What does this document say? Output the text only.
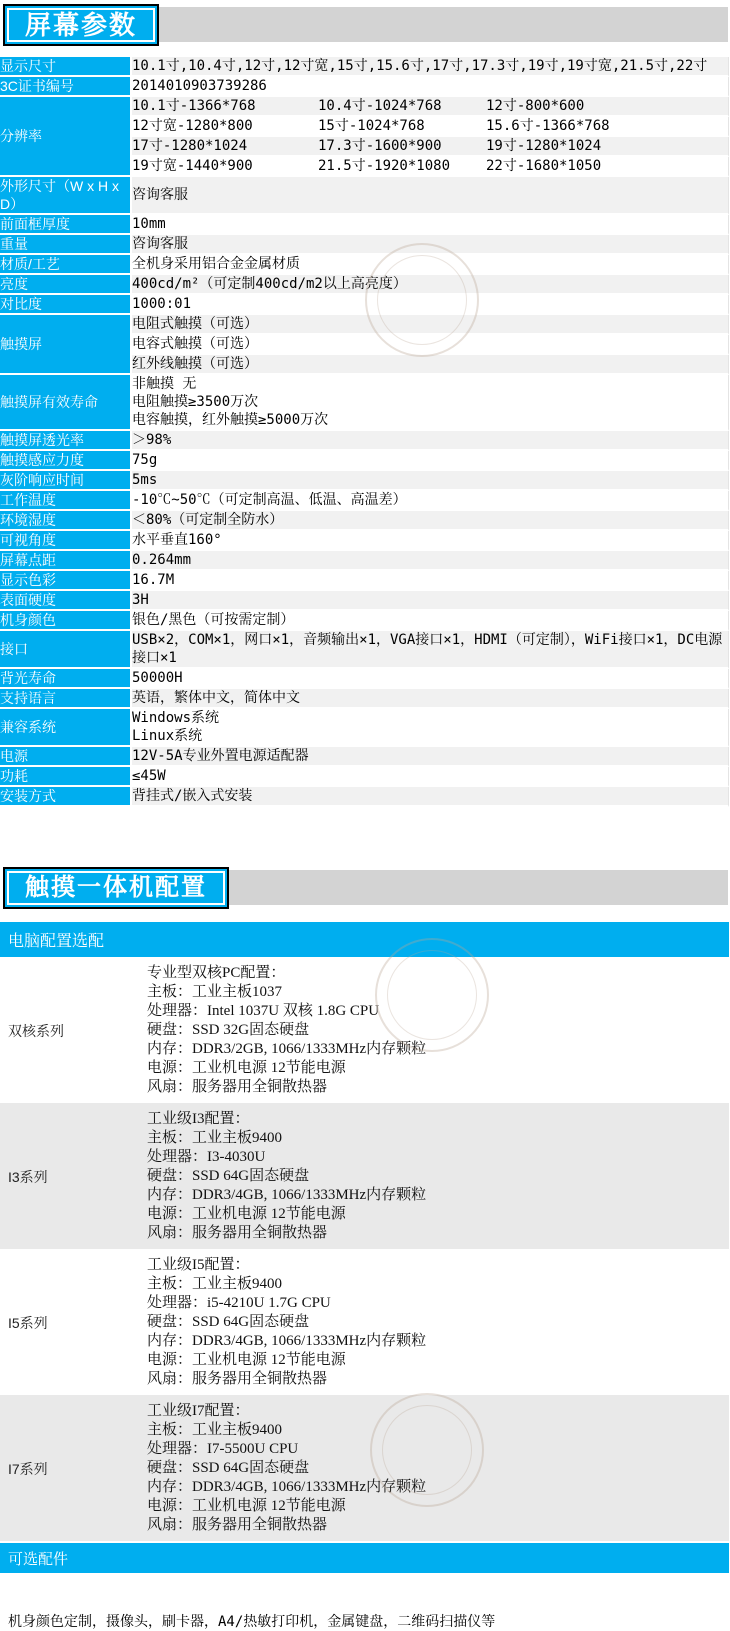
屏幕参数
显示尺寸	10.1寸,10.4寸,12寸,12寸宽,15寸,15.6寸,17寸,17.3寸,19寸,19寸宽,21.5寸,22寸
3C证书编号	2014010903739286
分辨率	10.1寸-1366*768 10.4寸-1024*768 12寸-800*600

	12寸宽-1280*800 15寸-1024*768 15.6寸-1366*768

	17寸-1280*1024 17.3寸-1600*900 19寸-1280*1024

	19寸宽-1440*900 21.5寸-1920*1080 22寸-1680*1050

外形尺寸（W x H x D）	咨询客服
前面框厚度	10mm
重量	咨询客服
材质/工艺	全机身采用铝合金金属材质
亮度	400cd/m²（可定制400cd/m2以上高亮度）
对比度	1000:01
触摸屏	电阻式触摸（可选）
	电容式触摸（可选）
	红外线触摸（可选）
触摸屏有效寿命	非触摸 无
电阻触摸≥3500万次
电容触摸，红外触摸≥5000万次

触摸屏透光率	＞98%
触摸感应力度	75g
灰阶响应时间	5ms
工作温度	-10℃~50℃（可定制高温、低温、高温差）
环境湿度	＜80%（可定制全防水）
可视角度	水平垂直160°
屏幕点距	0.264mm
显示色彩	16.7M
表面硬度	3H
机身颜色	银色/黑色（可按需定制）
接口	USB×2，COM×1，网口×1，音频输出×1，VGA接口×1，HDMI（可定制），WiFi接口×1，DC电源接口×1
背光寿命	50000H
支持语言	英语，繁体中文，简体中文
兼容系统	Windows系统
Linux系统

电源	12V-5A专业外置电源适配器
功耗	≤45W
安装方式	背挂式/嵌入式安装
触摸一体机配置
电脑配置选配
双核系列
专业型双核PC配置：
主板：工业主板1037
处理器：Intel 1037U 双核 1.8G CPU
硬盘：SSD 32G固态硬盘
内存：DDR3/2GB, 1066/1333MHz内存颗粒
电源：工业机电源 12节能电源
风扇：服务器用全铜散热器
I3系列
工业级I3配置：
主板：工业主板9400
处理器：I3-4030U
硬盘：SSD 64G固态硬盘
内存：DDR3/4GB, 1066/1333MHz内存颗粒
电源：工业机电源 12节能电源
风扇：服务器用全铜散热器
I5系列
工业级I5配置：
主板：工业主板9400
处理器：i5-4210U 1.7G CPU
硬盘：SSD 64G固态硬盘
内存：DDR3/4GB, 1066/1333MHz内存颗粒
电源：工业机电源 12节能电源
风扇：服务器用全铜散热器
I7系列
工业级I7配置：
主板：工业主板9400
处理器：I7-5500U CPU
硬盘：SSD 64G固态硬盘
内存：DDR3/4GB, 1066/1333MHz内存颗粒
电源：工业机电源 12节能电源
风扇：服务器用全铜散热器
可选配件
机身颜色定制，摄像头，刷卡器，A4/热敏打印机，金属键盘，二维码扫描仪等
